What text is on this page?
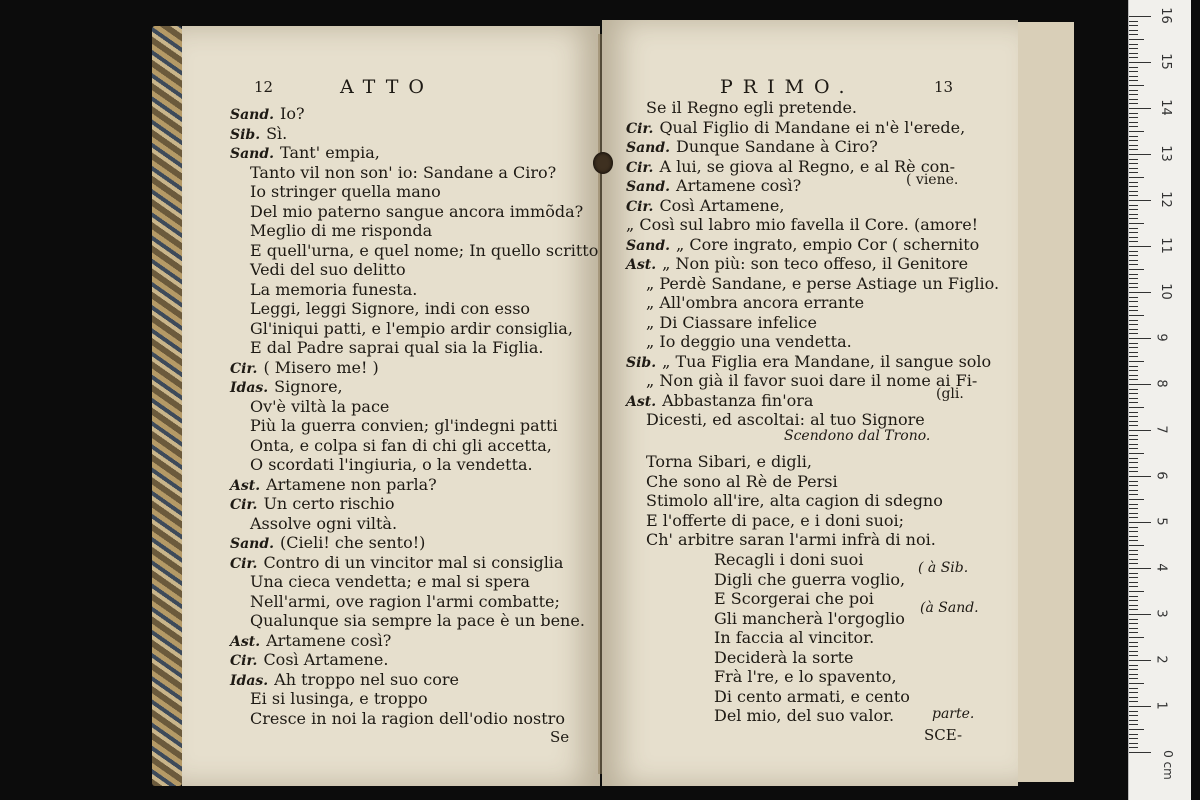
12	ATTO
Sand. Io?
Sib. Sì.
Sand. Tant' empia,
Tanto vil non son' io: Sandane a Ciro?
Io stringer quella mano
Del mio paterno sangue ancora immõda?
Meglio di me risponda
E quell'urna, e quel nome; In quello scritto
Vedi del suo delitto
La memoria funesta.
Leggi, leggi Signore, indi con esso
Gl'iniqui patti, e l'empio ardir consiglia,
E dal Padre saprai qual sia la Figlia.
Cir. ( Misero me! )
Idas. Signore,
Ov'è viltà la pace
Più la guerra convien; gl'indegni patti
Onta, e colpa si fan di chi gli accetta,
O scordati l'ingiuria, o la vendetta.
Ast. Artamene non parla?
Cir. Un certo rischio
Assolve ogni viltà.
Sand. (Cieli! che sento!)
Cir. Contro di un vincitor mal si consiglia
Una cieca vendetta; e mal si spera
Nell'armi, ove ragion l'armi combatte;
Qualunque sia sempre la pace è un bene.
Ast. Artamene così?
Cir. Così Artamene.
Idas. Ah troppo nel suo core
Ei si lusinga, e troppo
Cresce in noi la ragion dell'odio nostro
Se
PRIMO.	13
Se il Regno egli pretende.
Cir. Qual Figlio di Mandane ei n'è l'erede,
Sand. Dunque Sandane à Ciro?
Cir. A lui, se giova al Regno, e al Rè con-
Sand. Artamene così?
Cir. Così Artamene,
„ Così sul labro mio favella il Core. (amore!
Sand. „ Core ingrato, empio Cor ( schernito
Ast. „ Non più: son teco offeso, il Genitore
„ Perdè Sandane, e perse Astiage un Figlio.
„ All'ombra ancora errante
„ Di Ciassare infelice
„ Io deggio una vendetta.
Sib. „ Tua Figlia era Mandane, il sangue solo
„ Non già il favor suoi dare il nome ai Fi-
Ast. Abbastanza fin'ora
Dicesti, ed ascoltai: al tuo Signore
Scendono dal Trono.
Torna Sibari, e digli,
Che sono al Rè de Persi
Stimolo all'ire, alta cagion di sdegno
E l'offerte di pace, e i doni suoi;
Ch' arbitre saran l'armi infrà di noi.
Recagli i doni suoi
Digli che guerra voglio,
E Scorgerai che poi
Gli mancherà l'orgoglio
In faccia al vincitor.
Deciderà la sorte
Frà l're, e lo spavento,
Di cento armati, e cento
Del mio, del suo valor.
( viene.
(gli.
( à Sib.
(à Sand.
parte.
SCE-
0 cm
1
2
3
4
5
6
7
8
9
10
11
12
13
14
15
16
